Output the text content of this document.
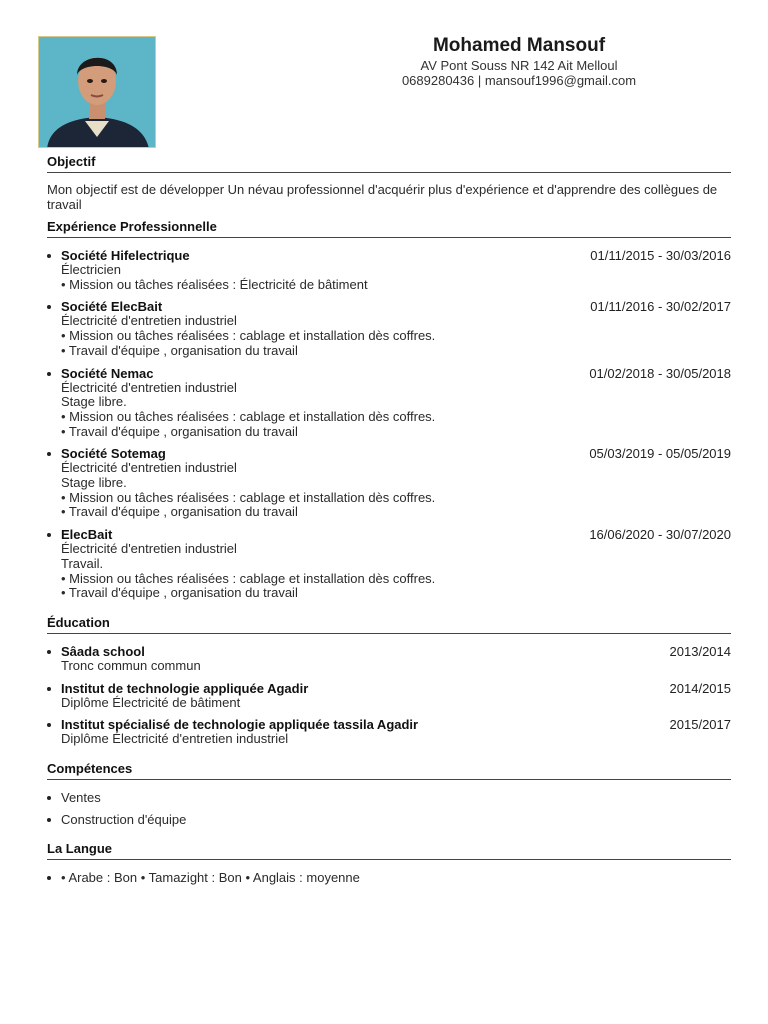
Mohamed Mansouf
AV Pont Souss NR 142 Ait Melloul
0689280436 | mansouf1996@gmail.com
Objectif
Mon objectif est de développer Un névau professionnel d'acquérir plus d'expérience et d'apprendre des collègues de travail
Expérience Professionnelle
Société Hifelectrique	01/11/2015 - 30/03/2016
Électricien
• Mission ou tâches réalisées : Électricité de bâtiment
Société ElecBait	01/11/2016 - 30/02/2017
Électricité d'entretien industriel
• Mission ou tâches réalisées : cablage et installation dès coffres.
• Travail d'équipe , organisation du travail
Société Nemac	01/02/2018 - 30/05/2018
Électricité d'entretien industriel
Stage libre.
• Mission ou tâches réalisées : cablage et installation dès coffres.
• Travail d'équipe , organisation du travail
Société Sotemag	05/03/2019 - 05/05/2019
Électricité d'entretien industriel
Stage libre.
• Mission ou tâches réalisées : cablage et installation dès coffres.
• Travail d'équipe , organisation du travail
ElecBait	16/06/2020 - 30/07/2020
Électricité d'entretien industriel
Travail.
• Mission ou tâches réalisées : cablage et installation dès coffres.
• Travail d'équipe , organisation du travail
Éducation
Sâada school	2013/2014
Tronc commun commun
Institut de technologie appliquée Agadir	2014/2015
Diplôme Électricité de bâtiment
Institut spécialisé de technologie appliquée tassila Agadir	2015/2017
Diplôme Électricité d'entretien industriel
Compétences
Ventes
Construction d'équipe
La Langue
• Arabe : Bon • Tamazight : Bon • Anglais : moyenne
